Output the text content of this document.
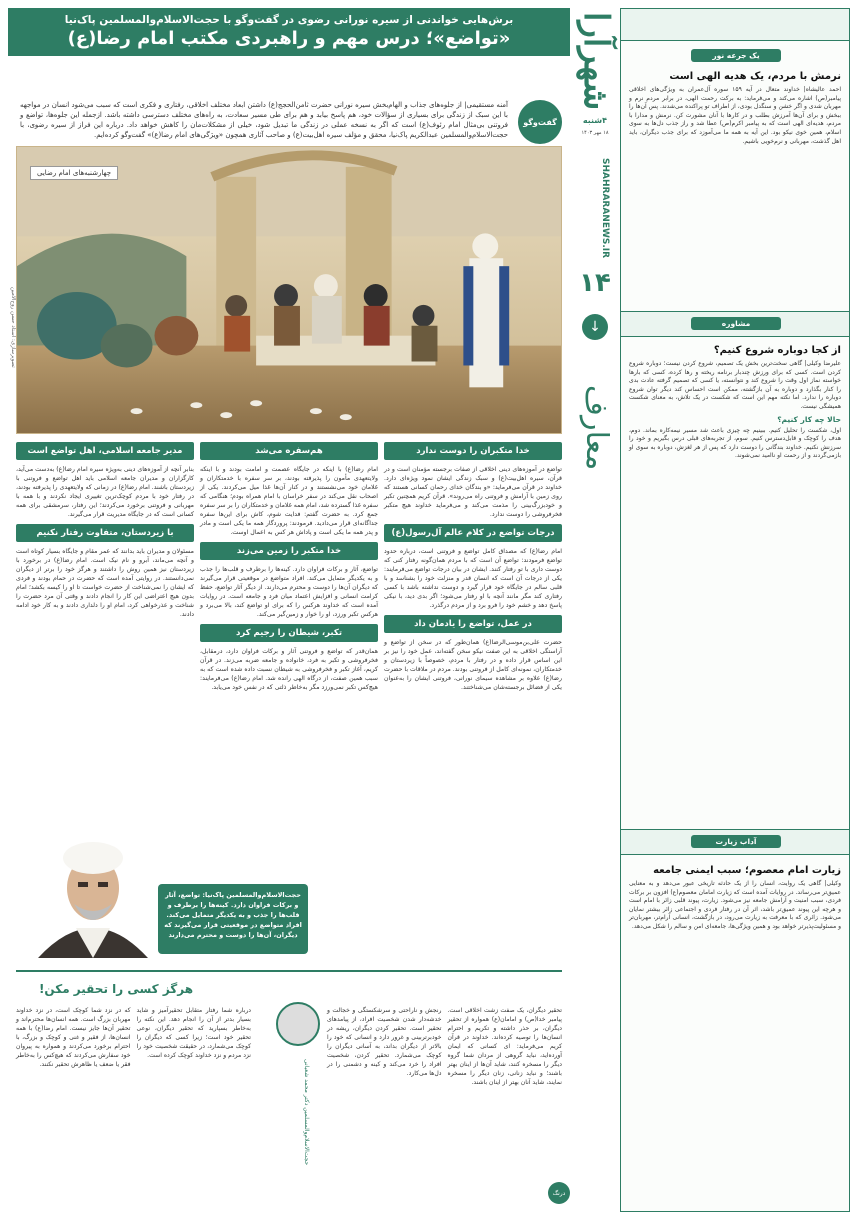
برش‌هایی خواندنی از سیره نورانی رضوی در گفت‌وگو با حجت‌الاسلام‌والمسلمین پاک‌نیا
«تواضع»؛ درس مهم و راهبردی مکتب امام رضا(ع)
گفت‌وگو
آمنه مستقیمی| از جلوه‌های جذاب و الهام‌بخش سیره نورانی حضرت ثامن‌الحجج(ع) داشتن ابعاد مختلف اخلاقی، رفتاری و فکری است که سبب می‌شود انسان در مواجهه با این سبک از زندگی برای بسیاری از سؤالات خود، هم پاسخ بیابد و هم برای طی مسیر سعادت، به راه‌های مختلف دسترسی داشته باشد. ازجمله این جلوه‌ها، تواضع و فروتنی بی‌مثال امام رئوف(ع) است که اگر به نسخه عملی در زندگی ما تبدیل شود، خیلی از مشکلات‌مان را کاهش خواهد داد. درباره این فراز از سیره رضوی، با حجت‌الاسلام‌والمسلمین عبدالکریم پاک‌نیا، محقق و مؤلف سیره اهل‌بیت(ع) و صاحب آثاری همچون «ویژگی‌های امام رضا(ع)» گفت‌وگو کرده‌ایم.
چهارشنبه‌های امام رضایی
تصویرسازی: استاد حسن روح‌الامین
خدا متکبران را دوست ندارد
تواضع در آموزه‌های دینی اخلاقی از صفات برجسته مؤمنان است و در قرآن، سیره اهل‌بیت(ع) و سبک زندگی ایشان نمود ویژه‌ای دارد. خداوند در قرآن می‌فرماید: «و بندگان خدای رحمان کسانی هستند که روی زمین با آرامش و فروتنی راه می‌روند». قرآن کریم همچنین تکبر و خودبزرگ‌بینی را مذمت می‌کند و می‌فرماید خداوند هیچ متکبر فخرفروشی را دوست ندارد.
درجات تواضع در کلام عالم آل‌رسول(ع)
امام رضا(ع) که مصداق کامل تواضع و فروتنی است، درباره حدود تواضع فرمودند: تواضع آن است که با مردم همان‌گونه رفتار کنی که دوست داری با تو رفتار کنند. ایشان در بیان درجات تواضع می‌فرمایند: یکی از درجات آن است که انسان قدر و منزلت خود را بشناسد و با قلبی سالم در جایگاه خود قرار گیرد و دوست نداشته باشد با کسی رفتاری کند مگر مانند آنچه با او رفتار می‌شود؛ اگر بدی دید، با نیکی پاسخ دهد و خشم خود را فرو برد و از مردم درگذرد.
در عمل، تواضع را یاد‌مان داد
حضرت علی‌بن‌موسی‌الرضا(ع) همان‌طور که در سخن از تواضع و آراستگی اخلاقی به این صفت نیکو سخن گفته‌اند، عمل خود را نیز بر این اساس قرار داده و در رفتار با مردم، خصوصاً با زیردستان و خدمتکاران، نمونه‌ای کامل از فروتنی بودند. مردم در ملاقات با حضرت رضا(ع) علاوه بر مشاهده سیمای نورانی، فروتنی ایشان را به‌عنوان یکی از فضائل برجسته‌شان می‌شناختند.
هم‌سفره می‌شد
امام رضا(ع) با اینکه در جایگاه عصمت و امامت بودند و با اینکه ولایتعهدی مأمون را پذیرفته بودند، بر سر سفره با خدمتکاران و غلامان خود می‌نشستند و در کنار آن‌ها غذا میل می‌کردند. یکی از اصحاب نقل می‌کند در سفر خراسان با امام همراه بودم؛ هنگامی که سفره غذا گسترده شد، امام همه غلامان و خدمتکاران را بر سر سفره جمع کرد. به حضرت گفتم: فدایت شوم، کاش برای این‌ها سفره جداگانه‌ای قرار می‌دادید. فرمودند: پروردگار همه ما یکی است و مادر و پدر همه ما یکی است و پاداش هر کس به اعمال اوست.
خدا متکبر را زمین می‌زند
تواضع، آثار و برکات فراوان دارد. کینه‌ها را برطرف و قلب‌ها را جذب و به یکدیگر متمایل می‌کند. افراد متواضع در موقعیتی قرار می‌گیرند که دیگران آن‌ها را دوست و محترم می‌دارند. از دیگر آثار تواضع، حفظ کرامت انسانی و افزایش اعتماد میان فرد و جامعه است. در روایات آمده است که خداوند هرکس را که برای او تواضع کند، بالا می‌برد و هرکس تکبر ورزد، او را خوار و زمین‌گیر می‌کند.
تکبر، شیطان را رجیم کرد
همان‌قدر که تواضع و فروتنی آثار و برکات فراوان دارد، درمقابل، فخرفروشی و تکبر به فرد، خانواده و جامعه ضربه می‌زند. در قرآن کریم، آغاز تکبر و فخرفروشی به شیطان نسبت داده شده است که به سبب همین صفت، از درگاه الهی رانده شد. امام رضا(ع) می‌فرمایند: هیچ‌کس تکبر نمی‌ورزد مگر به‌خاطر ذلتی که در نفس خود می‌یابد.
مدیر جامعه اسلامی، اهل تواضع است
بنابر آنچه از آموزه‌های دینی به‌ویژه سیره امام رضا(ع) به‌دست می‌آید، کارگزاران و مدیران جامعه اسلامی باید اهل تواضع و فروتنی با زیردستان باشند. امام رضا(ع) در زمانی که ولایتعهدی را پذیرفته بودند، در رفتار خود با مردم کوچک‌ترین تغییری ایجاد نکردند و با همه با مهربانی و فروتنی برخورد می‌کردند؛ این رفتار، سرمشقی برای همه کسانی است که در جایگاه مدیریت قرار می‌گیرند.
با زیردستان، متفاوت رفتار نکنیم
مسئولان و مدیران باید بدانند که عمر مقام و جایگاه بسیار کوتاه است و آنچه می‌ماند، آبرو و نام نیک است. امام رضا(ع) در برخورد با زیردستان نیز همین روش را داشتند و هرگز خود را برتر از دیگران نمی‌دانستند. در روایتی آمده است که حضرت در حمام بودند و فردی که ایشان را نمی‌شناخت از حضرت خواست تا او را کیسه بکشد؛ امام بدون هیچ اعتراضی این کار را انجام دادند و وقتی آن مرد حضرت را شناخت و عذرخواهی کرد، امام او را دلداری دادند و به کار خود ادامه دادند.
حجت‌الاسلام‌والمسلمین پاک‌نیا: تواضع، آثار و برکات فراوان دارد. کینه‌ها را برطرف و قلب‌ها را جذب و به یکدیگر متمایل می‌کند. افراد متواضع در موقعیتی قرار می‌گیرند که دیگران، آن‌ها را دوست و محترم می‌دارند
هرگز کسی را تحقیر مکن!
تحقیر دیگران، یک صفت زشت اخلاقی است. پیامبر خدا(ص) و امامان(ع) همواره از تحقیر دیگران، بر حذر داشته و تکریم و احترام انسان‌ها را توصیه کرده‌اند. خداوند در قرآن کریم می‌فرماید: ای کسانی که ایمان آورده‌اید، نباید گروهی از مردان شما گروه دیگر را مسخره کنند، شاید آن‌ها از اینان بهتر باشند؛ و نباید زنانی، زنان دیگر را مسخره نمایند، شاید آنان بهتر از اینان باشند.
رنجش و ناراحتی و سرشکستگی و خجالت و خدشه‌دار شدن شخصیت افراد، از پیامدهای تحقیر است. تحقیر کردن دیگران، ریشه در خودبرتربینی و غرور دارد و انسانی که خود را بالاتر از دیگران بداند، به آسانی دیگران را کوچک می‌شمارد. تحقیر کردن، شخصیت افراد را خرد می‌کند و کینه و دشمنی را در دل‌ها می‌کارد.
درباره شما رفتار متقابل تحقیرآمیز و شاید بسیار بدتر از آن را انجام دهد. این نکته را به‌خاطر بسپارید که تحقیر دیگران، نوعی تحقیر خود است؛ زیرا کسی که دیگران را کوچک می‌شمارد، در حقیقت شخصیت خود را نزد مردم و نزد خداوند کوچک کرده است.
که در نزد شما کوچک است، در نزد خداوند مهربان بزرگ است. همه انسان‌ها محترم‌اند و تحقیر آن‌ها جایز نیست. امام رضا(ع) با همه انسان‌ها، از فقیر و غنی و کوچک و بزرگ، با احترام برخورد می‌کردند و همواره به پیروان خود سفارش می‌کردند که هیچ‌کس را به‌خاطر فقر یا ضعف یا ظاهرش تحقیر نکنند.	حجت‌الاسلام‌والمسلمین دکتر محمد شعبانی
درنگ
شهرآرا
۴شنبه
۱۸ مهر ۱۴۰۳
SHAHRARANEWS.IR
۱۴
↓
معارف
یک جرعه نور
نرمش با مردم، یک هدیه الهی است
احمد عالیشاه| خداوند متعال در آیه ۱۵۹ سوره آل‌عمران به ویژگی‌های اخلاقی پیامبر(ص) اشاره می‌کند و می‌فرماید: به برکت رحمت الهی، در برابر مردم نرم و مهربان شدی و اگر خشن و سنگدل بودی، از اطراف تو پراکنده می‌شدند. پس آن‌ها را ببخش و برای آن‌ها آمرزش بطلب و در کارها با آنان مشورت کن. نرمش و مدارا با مردم، هدیه‌ای الهی است که به پیامبر اکرم(ص) عطا شد و راز جذب دل‌ها به سوی اسلام، همین خوی نیکو بود. این آیه به همه ما می‌آموزد که برای جذب دیگران، باید اهل گذشت، مهربانی و نرم‌خویی باشیم.
مشاوره
از کجا دوباره شروع کنیم؟
علیرضا وکیلی| گاهی سخت‌ترین بخش یک تصمیم، شروع کردن نیست؛ دوباره شروع کردن است. کسی که برای ورزش چندبار برنامه ریخته و رها کرده، کسی که بارها خواسته نماز اول وقت را شروع کند و نتوانسته، یا کسی که تصمیم گرفته عادت بدی را کنار بگذارد و دوباره به آن بازگشته، ممکن است احساس کند دیگر توان شروع دوباره را ندارد. اما نکته مهم این است که شکست در یک تلاش، به معنای شکست همیشگی نیست.
حالا چه کار کنیم؟
اول، شکست را تحلیل کنیم. ببینیم چه چیزی باعث شد مسیر نیمه‌کاره بماند. دوم، هدف را کوچک و قابل‌دسترس کنیم. سوم، از تجربه‌های قبلی درس بگیریم و خود را سرزنش نکنیم. خداوند بندگانی را دوست دارد که پس از هر لغزش، دوباره به سوی او بازمی‌گردند و از رحمت او ناامید نمی‌شوند.
آداب زیارت
زیارت امام معصوم؛ سبب ایمنی جامعه
وکیلی| گاهی یک روایت، انسان را از یک حادثه تاریخی عبور می‌دهد و به معنایی عمیق‌تر می‌رساند. در روایات آمده است که زیارت امامان معصوم(ع) افزون بر برکات فردی، سبب امنیت و آرامش جامعه نیز می‌شود. زیارت، پیوند قلبی زائر با امام است و هرچه این پیوند عمیق‌تر باشد، اثر آن در رفتار فردی و اجتماعی زائر بیشتر نمایان می‌شود. زائری که با معرفت به زیارت می‌رود، در بازگشت، انسانی آرام‌تر، مهربان‌تر و مسئولیت‌پذیرتر خواهد بود و همین ویژگی‌ها، جامعه‌ای امن و سالم را شکل می‌دهد.
